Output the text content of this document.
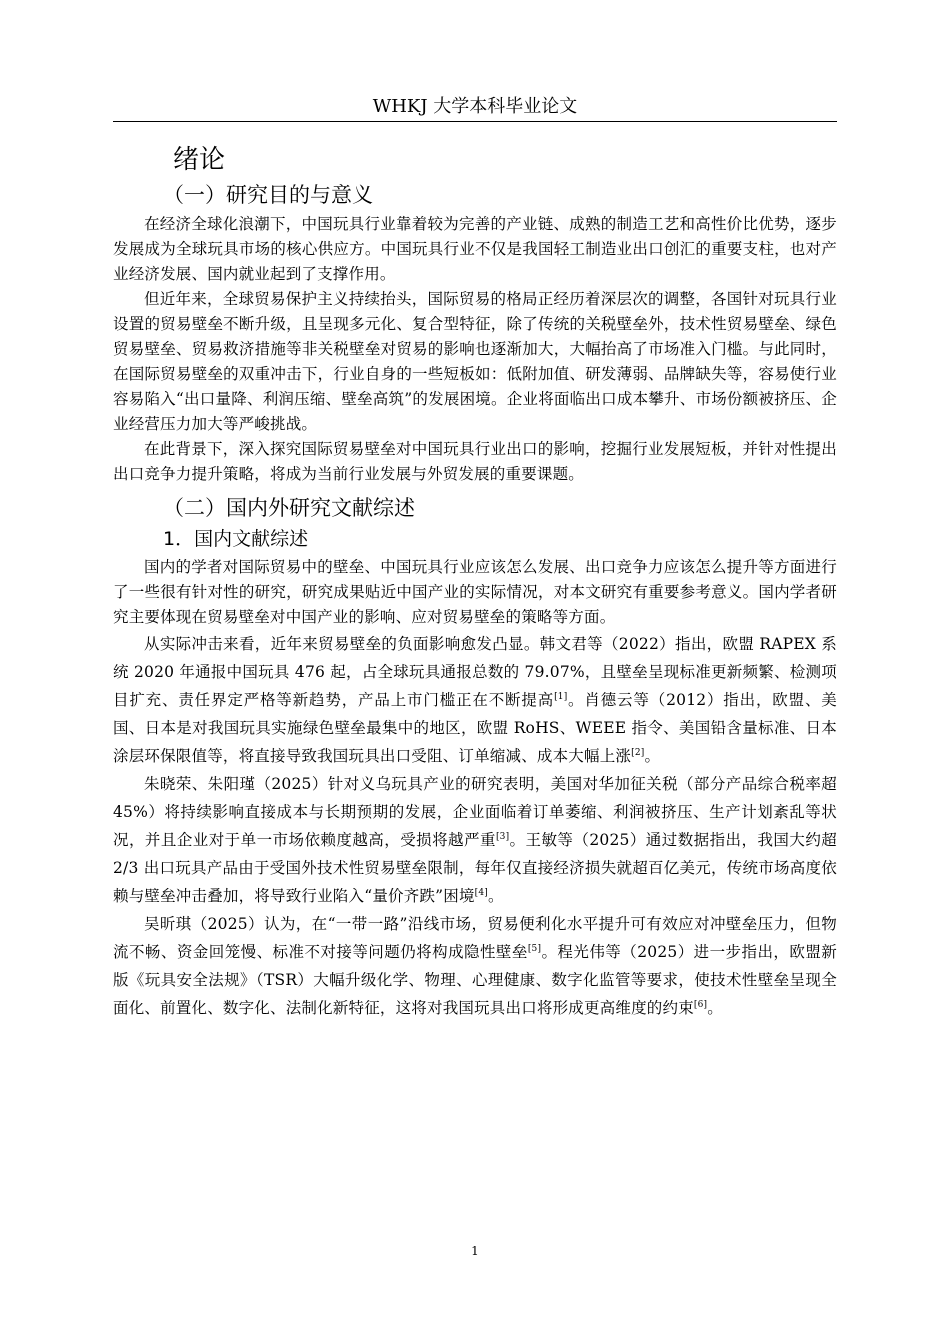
WHKJ 大学本科毕业论文
绪论
（一）研究目的与意义

在经济全球化浪潮下，中国玩具行业靠着较为完善的产业链、成熟的制造工艺和高性价比优势，逐步发展成为全球玩具市场的核心供应方。中国玩具行业不仅是我国轻工制造业出口创汇的重要支柱，也对产业经济发展、国内就业起到了支撑作用。

但近年来，全球贸易保护主义持续抬头，国际贸易的格局正经历着深层次的调整，各国针对玩具行业设置的贸易壁垒不断升级，且呈现多元化、复合型特征，除了传统的关税壁垒外，技术性贸易壁垒、绿色贸易壁垒、贸易救济措施等非关税壁垒对贸易的影响也逐渐加大，大幅抬高了市场准入门槛。与此同时，在国际贸易壁垒的双重冲击下，行业自身的一些短板如：低附加值、研发薄弱、品牌缺失等，容易使行业容易陷入“出口量降、利润压缩、壁垒高筑”的发展困境。企业将面临出口成本攀升、市场份额被挤压、企业经营压力加大等严峻挑战。

在此背景下，深入探究国际贸易壁垒对中国玩具行业出口的影响，挖掘行业发展短板，并针对性提出出口竞争力提升策略，将成为当前行业发展与外贸发展的重要课题。

（二）国内外研究文献综述
1．国内文献综述

国内的学者对国际贸易中的壁垒、中国玩具行业应该怎么发展、出口竞争力应该怎么提升等方面进行了一些很有针对性的研究，研究成果贴近中国产业的实际情况，对本文研究有重要参考意义。国内学者研究主要体现在贸易壁垒对中国产业的影响、应对贸易壁垒的策略等方面。

从实际冲击来看，近年来贸易壁垒的负面影响愈发凸显。韩文君等（2022）指出，欧盟 RAPEX 系统 2020 年通报中国玩具 476 起，占全球玩具通报总数的 79.07%，且壁垒呈现标准更新频繁、检测项目扩充、责任界定严格等新趋势，产品上市门槛正在不断提高[1]。肖德云等（2012）指出，欧盟、美国、日本是对我国玩具实施绿色壁垒最集中的地区，欧盟 RoHS、WEEE 指令、美国铅含量标准、日本涂层环保限值等，将直接导致我国玩具出口受阻、订单缩减、成本大幅上涨[2]。

朱晓荣、朱阳瑾（2025）针对义乌玩具产业的研究表明，美国对华加征关税（部分产品综合税率超 45%）将持续影响直接成本与长期预期的发展，企业面临着订单萎缩、利润被挤压、生产计划紊乱等状况，并且企业对于单一市场依赖度越高，受损将越严重[3]。王敏等（2025）通过数据指出，我国大约超 2/3 出口玩具产品由于受国外技术性贸易壁垒限制，每年仅直接经济损失就超百亿美元，传统市场高度依赖与壁垒冲击叠加，将导致行业陷入“量价齐跌”困境[4]。

吴昕琪（2025）认为，在“一带一路”沿线市场，贸易便利化水平提升可有效应对冲壁垒压力，但物流不畅、资金回笼慢、标准不对接等问题仍将构成隐性壁垒[5]。程光伟等（2025）进一步指出，欧盟新版《玩具安全法规》（TSR）大幅升级化学、物理、心理健康、数字化监管等要求，使技术性壁垒呈现全面化、前置化、数字化、法制化新特征，这将对我国玩具出口将形成更高维度的约束[6]。

1
